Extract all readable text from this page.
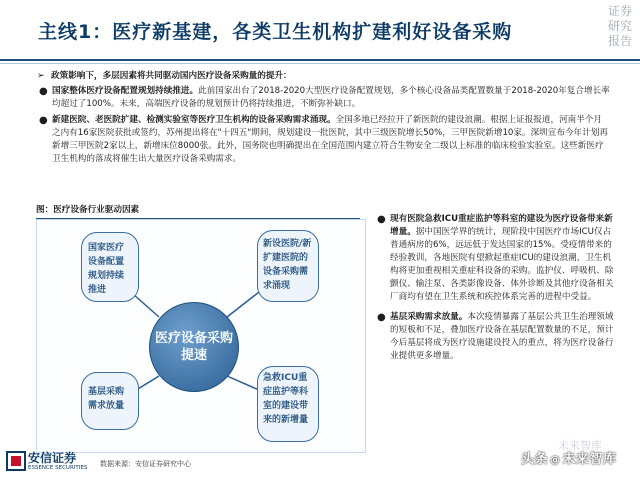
主线1：医疗新基建，各类卫生机构扩建利好设备采购
证券研究报告
➢ 政策影响下，多层因素将共同驱动国内医疗设备采购量的提升：
● 国家整体医疗设备配置规划持续推进。此前国家出台了2018-2020大型医疗设备配置规划，多个核心设备品类配置数量于2018-2020年复合增长率均超过了100%。未来，高端医疗设备的规划预计仍将持续推进，不断弥补缺口。
● 新建医院、老医院扩建、检测实验室等医疗卫生机构的设备采购需求涌现。全国多地已经拉开了新医院的建设浪潮。根据上证报报道，河南半个月之内有16家医院获批或签约，苏州提出将在"十四五"期间，规划建设一批医院，其中三级医院增长50%，三甲医院新增10家。深圳宣布今年计划再新增三甲医院2家以上，新增床位8000张。此外，国务院也明确提出在全国范围内建立符合生物安全二级以上标准的临床检验实验室。这些新医疗卫生机构的落成将催生出大量医疗设备采购需求。
图：医疗设备行业驱动因素
国家医疗设备配置规划持续推进
新设医院/新扩建医院的设备采购需求涌现
基层采购需求放量
急救ICU重症监护等科室的建设带来的新增量
医疗设备采购提速
● 现有医院急救ICU重症监护等科室的建设为医疗设备带来新增量。据中国医学界的统计，现阶段中国医疗市场ICU仅占普通病房的6%，远远低于发达国家的15%。受疫情带来的经验教训，各地医院有望掀起重症ICU的建设浪潮，卫生机构将更加重视相关重症科设备的采购。监护仪、呼吸机、除颤仪、输注泵、各类影像设备、体外诊断及其他疗设备相关厂商均有望在卫生系统和疾控体系完善的进程中受益。
● 基层采购需求放量。本次疫情暴露了基层公共卫生治理领域的短板和不足，叠加医疗设备在基层配置数量的不足，预计今后基层将成为医疗设施建设投入的重点，将为医疗设备行业提供更多增量。
安信证券
ESSENCE SECURITIES 数据来源：安信证券研究中心
未来智库
头条 @ 未来智库
